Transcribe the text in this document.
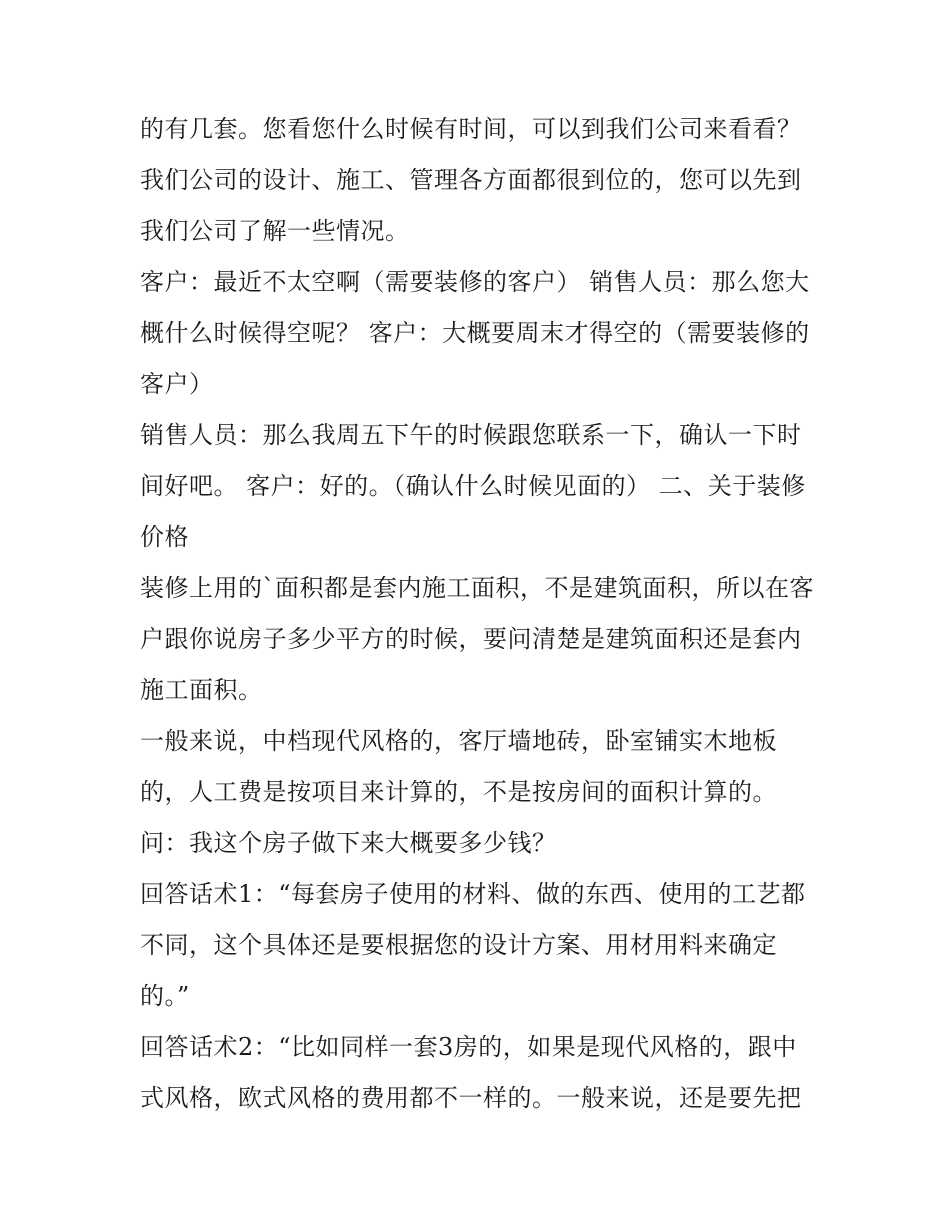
的有几套。您看您什么时候有时间，可以到我们公司来看看？我们公司的设计、施工、管理各方面都很到位的，您可以先到我们公司了解一些情况。

客户：最近不太空啊（需要装修的客户） 销售人员：那么您大概什么时候得空呢？ 客户：大概要周末才得空的（需要装修的客户）

销售人员：那么我周五下午的时候跟您联系一下，确认一下时间好吧。 客户：好的。（确认什么时候见面的） 二、关于装修价格

装修上用的`面积都是套内施工面积，不是建筑面积，所以在客户跟你说房子多少平方的时候，要问清楚是建筑面积还是套内施工面积。

一般来说，中档现代风格的，客厅墙地砖，卧室铺实木地板的，人工费是按项目来计算的，不是按房间的面积计算的。

问：我这个房子做下来大概要多少钱？

回答话术1：“每套房子使用的材料、做的东西、使用的工艺都不同，这个具体还是要根据您的设计方案、用材用料来确定的。”

回答话术2：“比如同样一套3房的，如果是现代风格的，跟中式风格，欧式风格的费用都不一样的。一般来说，还是要先把
